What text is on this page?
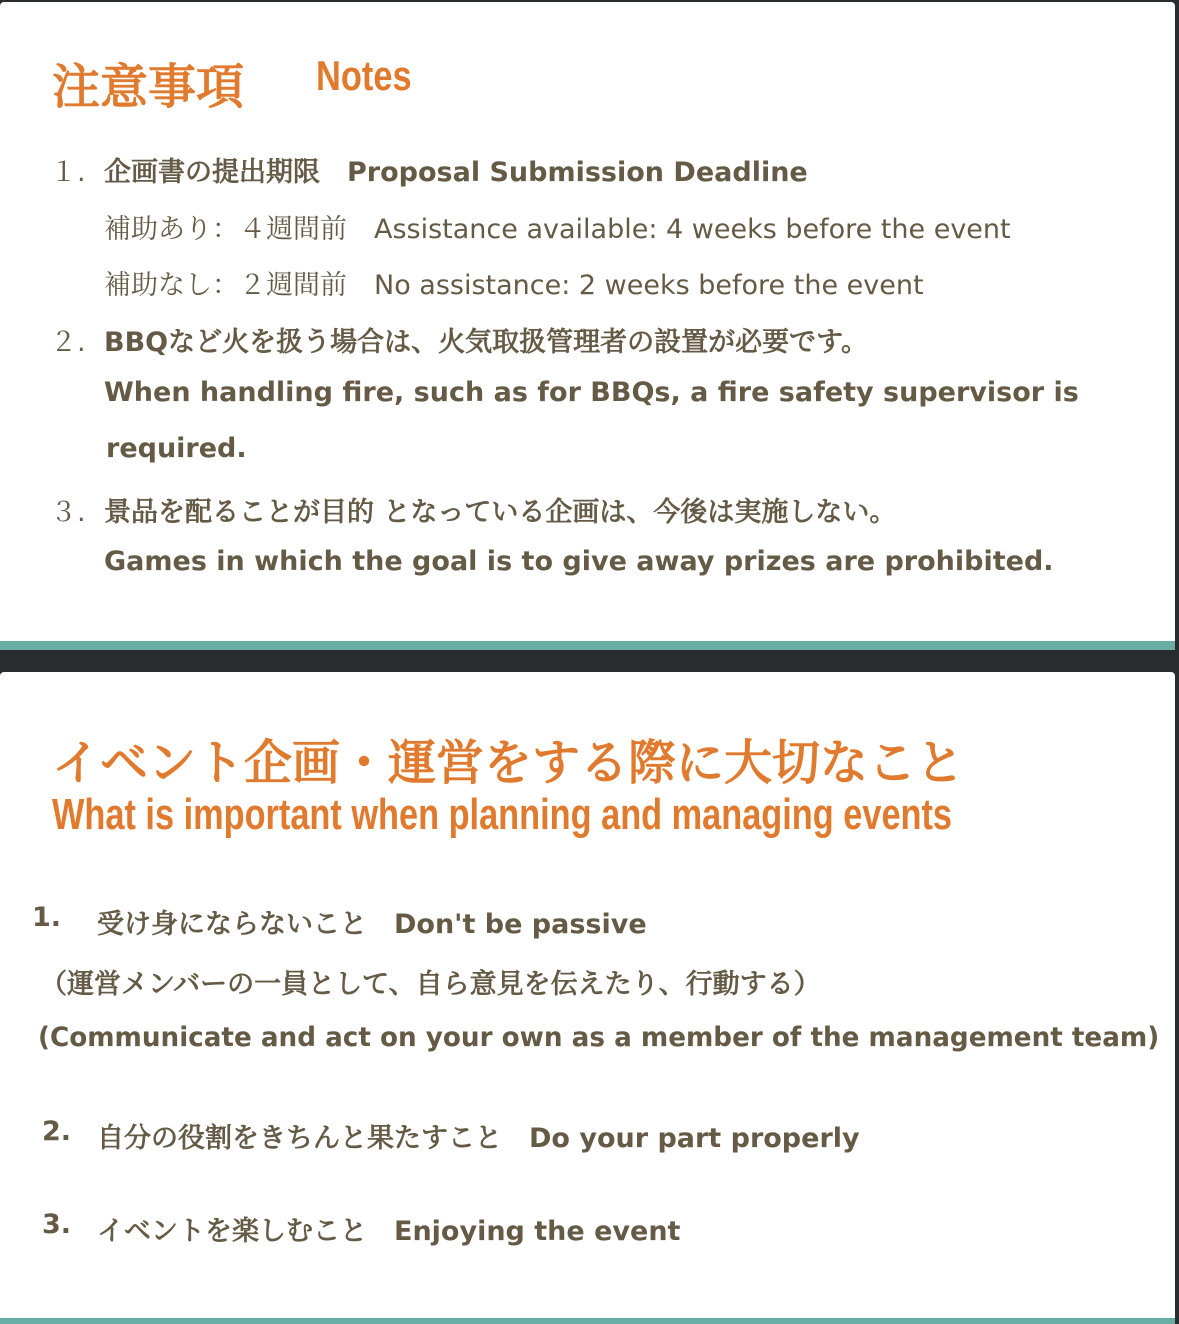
注意事項 Notes
１. 企画書の提出期限　Proposal Submission Deadline
補助あり：４週間前　Assistance available: 4 weeks before the event
補助なし：２週間前　No assistance: 2 weeks before the event
２. BBQなど火を扱う場合は、火気取扱管理者の設置が必要です。
When handling fire, such as for BBQs, a fire safety supervisor is
required.
３. 景品を配ることが目的 となっている企画は、今後は実施しない。
Games in which the goal is to give away prizes are prohibited.
イベント企画・運営をする際に大切なこと
What is important when planning and managing events
1. 受け身にならないこと　Don't be passive
（運営メンバーの一員として、自ら意見を伝えたり、行動する）
(Communicate and act on your own as a member of the management team)
2. 自分の役割をきちんと果たすこと　Do your part properly
3. イベントを楽しむこと　Enjoying the event
